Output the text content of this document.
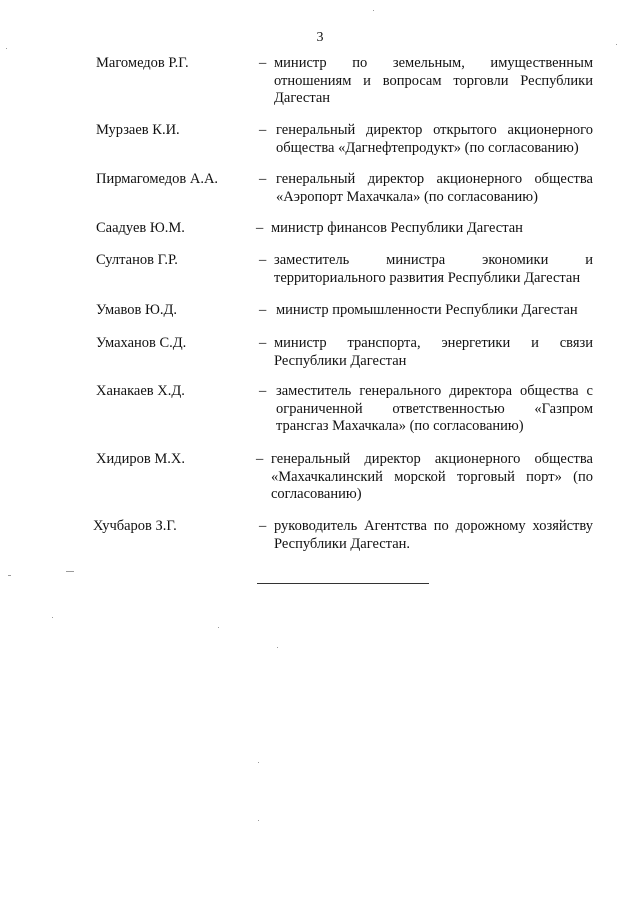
3
Магомедов Р.Г.	– министр по земельным, имущественным отношениям и вопросам торговли Республики Дагестан
Мурзаев К.И.	– генеральный директор открытого акционерного общества «Дагнефтепродукт» (по согласованию)
Пирмагомедов А.А.	– генеральный директор акционерного общества «Аэропорт Махачкала» (по согласованию)
Саадуев Ю.М.	– министр финансов Республики Дагестан
Султанов Г.Р.	– заместитель министра экономики и территориального развития Республики Дагестан
Умавов Ю.Д.	– министр промышленности Республики Дагестан
Умаханов С.Д.	– министр транспорта, энергетики и связи Республики Дагестан
Ханакаев Х.Д.	– заместитель генерального директора общества с ограниченной ответственностью «Газпром трансгаз Махачкала» (по согласованию)
Хидиров М.Х.	– генеральный директор акционерного общества «Махачкалинский морской торговый порт» (по согласованию)
Хучбаров З.Г.	– руководитель Агентства по дорожному хозяйству Республики Дагестан.
